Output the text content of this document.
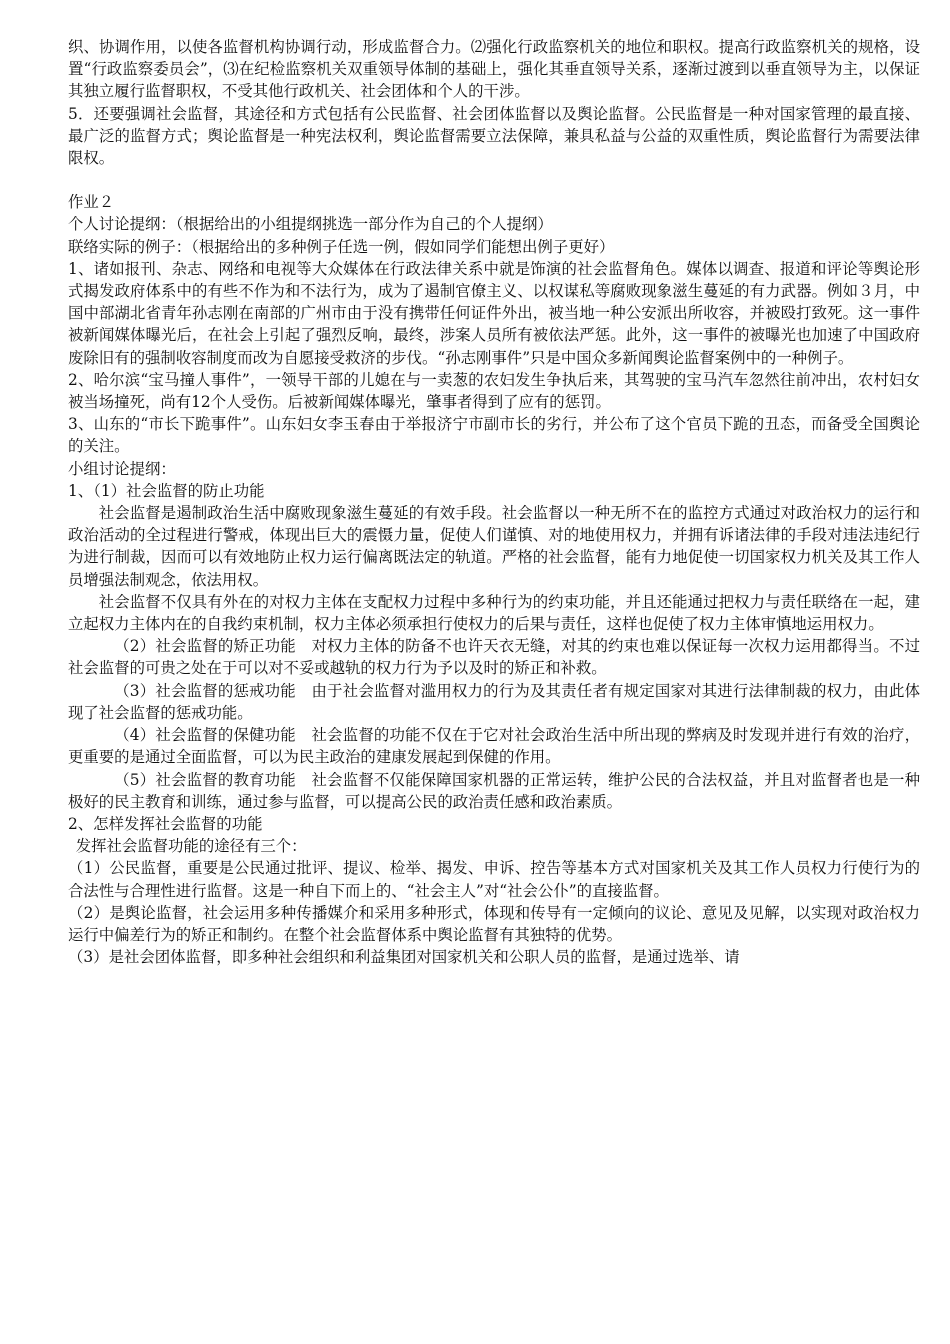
织、协调作用，以使各监督机构协调行动，形成监督合力。⑵强化行政监察机关的地位和职权。提高行政监察机关的规格，设置“行政监察委员会”，⑶在纪检监察机关双重领导体制的基础上，强化其垂直领导关系，逐渐过渡到以垂直领导为主，以保证其独立履行监督职权，不受其他行政机关、社会团体和个人的干涉。

5．还要强调社会监督，其途径和方式包括有公民监督、社会团体监督以及舆论监督。公民监督是一种对国家管理的最直接、最广泛的监督方式；舆论监督是一种宪法权利，舆论监督需要立法保障，兼具私益与公益的双重性质，舆论监督行为需要法律限权。

作业２

个人讨论提纲：（根据给出的小组提纲挑选一部分作为自己的个人提纲）

联络实际的例子：（根据给出的多种例子任选一例，假如同学们能想出例子更好）

1、诸如报刊、杂志、网络和电视等大众媒体在行政法律关系中就是饰演的社会监督角色。媒体以调查、报道和评论等舆论形式揭发政府体系中的有些不作为和不法行为，成为了遏制官僚主义、以权谋私等腐败现象滋生蔓延的有力武器。例如３月，中国中部湖北省青年孙志刚在南部的广州市由于没有携带任何证件外出，被当地一种公安派出所收容，并被殴打致死。这一事件被新闻媒体曝光后，在社会上引起了强烈反响，最终，涉案人员所有被依法严惩。此外，这一事件的被曝光也加速了中国政府废除旧有的强制收容制度而改为自愿接受救济的步伐。“孙志刚事件”只是中国众多新闻舆论监督案例中的一种例子。

2、哈尔滨“宝马撞人事件”，一领导干部的儿媳在与一卖葱的农妇发生争执后来，其驾驶的宝马汽车忽然往前冲出，农村妇女被当场撞死，尚有12个人受伤。后被新闻媒体曝光，肇事者得到了应有的惩罚。

3、山东的“市长下跪事件”。山东妇女李玉春由于举报济宁市副市长的劣行，并公布了这个官员下跪的丑态，而备受全国舆论的关注。

小组讨论提纲：

1、（1）社会监督的防止功能

社会监督是遏制政治生活中腐败现象滋生蔓延的有效手段。社会监督以一种无所不在的监控方式通过对政治权力的运行和政治活动的全过程进行警戒，体现出巨大的震慑力量，促使人们谨慎、对的地使用权力，并拥有诉诸法律的手段对违法违纪行为进行制裁，因而可以有效地防止权力运行偏离既法定的轨道。严格的社会监督，能有力地促使一切国家权力机关及其工作人员增强法制观念，依法用权。

社会监督不仅具有外在的对权力主体在支配权力过程中多种行为的约束功能，并且还能通过把权力与责任联络在一起，建立起权力主体内在的自我约束机制，权力主体必须承担行使权力的后果与责任，这样也促使了权力主体审慎地运用权力。

（2）社会监督的矫正功能　对权力主体的防备不也许天衣无缝，对其的约束也难以保证每一次权力运用都得当。不过社会监督的可贵之处在于可以对不妥或越轨的权力行为予以及时的矫正和补救。

（3）社会监督的惩戒功能　由于社会监督对滥用权力的行为及其责任者有规定国家对其进行法律制裁的权力，由此体现了社会监督的惩戒功能。

（4）社会监督的保健功能　社会监督的功能不仅在于它对社会政治生活中所出现的弊病及时发现并进行有效的治疗，更重要的是通过全面监督，可以为民主政治的建康发展起到保健的作用。

（5）社会监督的教育功能　社会监督不仅能保障国家机器的正常运转，维护公民的合法权益，并且对监督者也是一种极好的民主教育和训练，通过参与监督，可以提高公民的政治责任感和政治素质。

2、怎样发挥社会监督的功能

发挥社会监督功能的途径有三个：

（1）公民监督，重要是公民通过批评、提议、检举、揭发、申诉、控告等基本方式对国家机关及其工作人员权力行使行为的合法性与合理性进行监督。这是一种自下而上的、“社会主人”对“社会公仆”的直接监督。

（2）是舆论监督，社会运用多种传播媒介和采用多种形式，体现和传导有一定倾向的议论、意见及见解，以实现对政治权力运行中偏差行为的矫正和制约。在整个社会监督体系中舆论监督有其独特的优势。

（3）是社会团体监督，即多种社会组织和利益集团对国家机关和公职人员的监督，是通过选举、请
